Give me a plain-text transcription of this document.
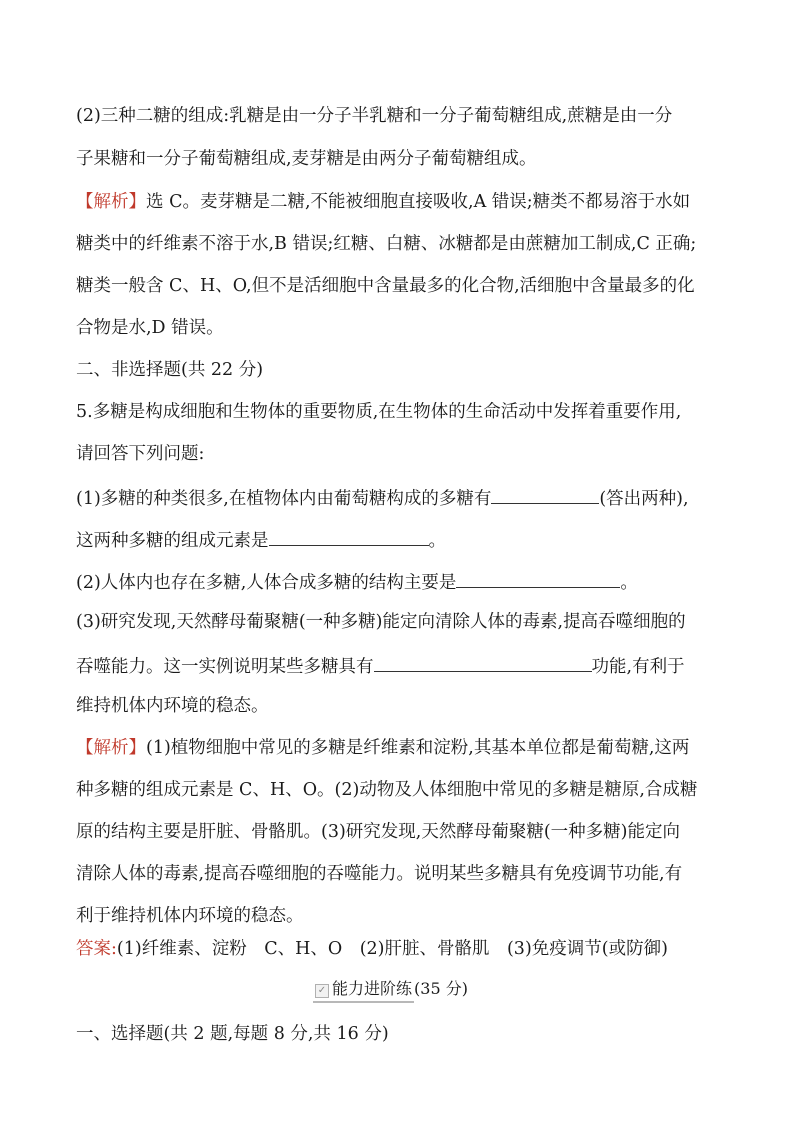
(2)三种二糖的组成:乳糖是由一分子半乳糖和一分子葡萄糖组成,蔗糖是由一分
子果糖和一分子葡萄糖组成,麦芽糖是由两分子葡萄糖组成。
【解析】选 C。麦芽糖是二糖,不能被细胞直接吸收,A 错误;糖类不都易溶于水如
糖类中的纤维素不溶于水,B 错误;红糖、白糖、冰糖都是由蔗糖加工制成,C 正确;
糖类一般含 C、H、O,但不是活细胞中含量最多的化合物,活细胞中含量最多的化
合物是水,D 错误。
二、非选择题(共 22 分)
5.多糖是构成细胞和生物体的重要物质,在生物体的生命活动中发挥着重要作用,
请回答下列问题:
(1)多糖的种类很多,在植物体内由葡萄糖构成的多糖有	(答出两种),
这两种多糖的组成元素是	。
(2)人体内也存在多糖,人体合成多糖的结构主要是	。
(3)研究发现,天然酵母葡聚糖(一种多糖)能定向清除人体的毒素,提高吞噬细胞的
吞噬能力。这一实例说明某些多糖具有	功能,有利于
维持机体内环境的稳态。
【解析】(1)植物细胞中常见的多糖是纤维素和淀粉,其基本单位都是葡萄糖,这两
种多糖的组成元素是 C、H、O。(2)动物及人体细胞中常见的多糖是糖原,合成糖
原的结构主要是肝脏、骨骼肌。(3)研究发现,天然酵母葡聚糖(一种多糖)能定向
清除人体的毒素,提高吞噬细胞的吞噬能力。说明某些多糖具有免疫调节功能,有
利于维持机体内环境的稳态。
答案:(1)纤维素、淀粉　C、H、O　(2)肝脏、骨骼肌　(3)免疫调节(或防御)
✓ 能力进阶练 (35 分)
一、选择题(共 2 题,每题 8 分,共 16 分)
